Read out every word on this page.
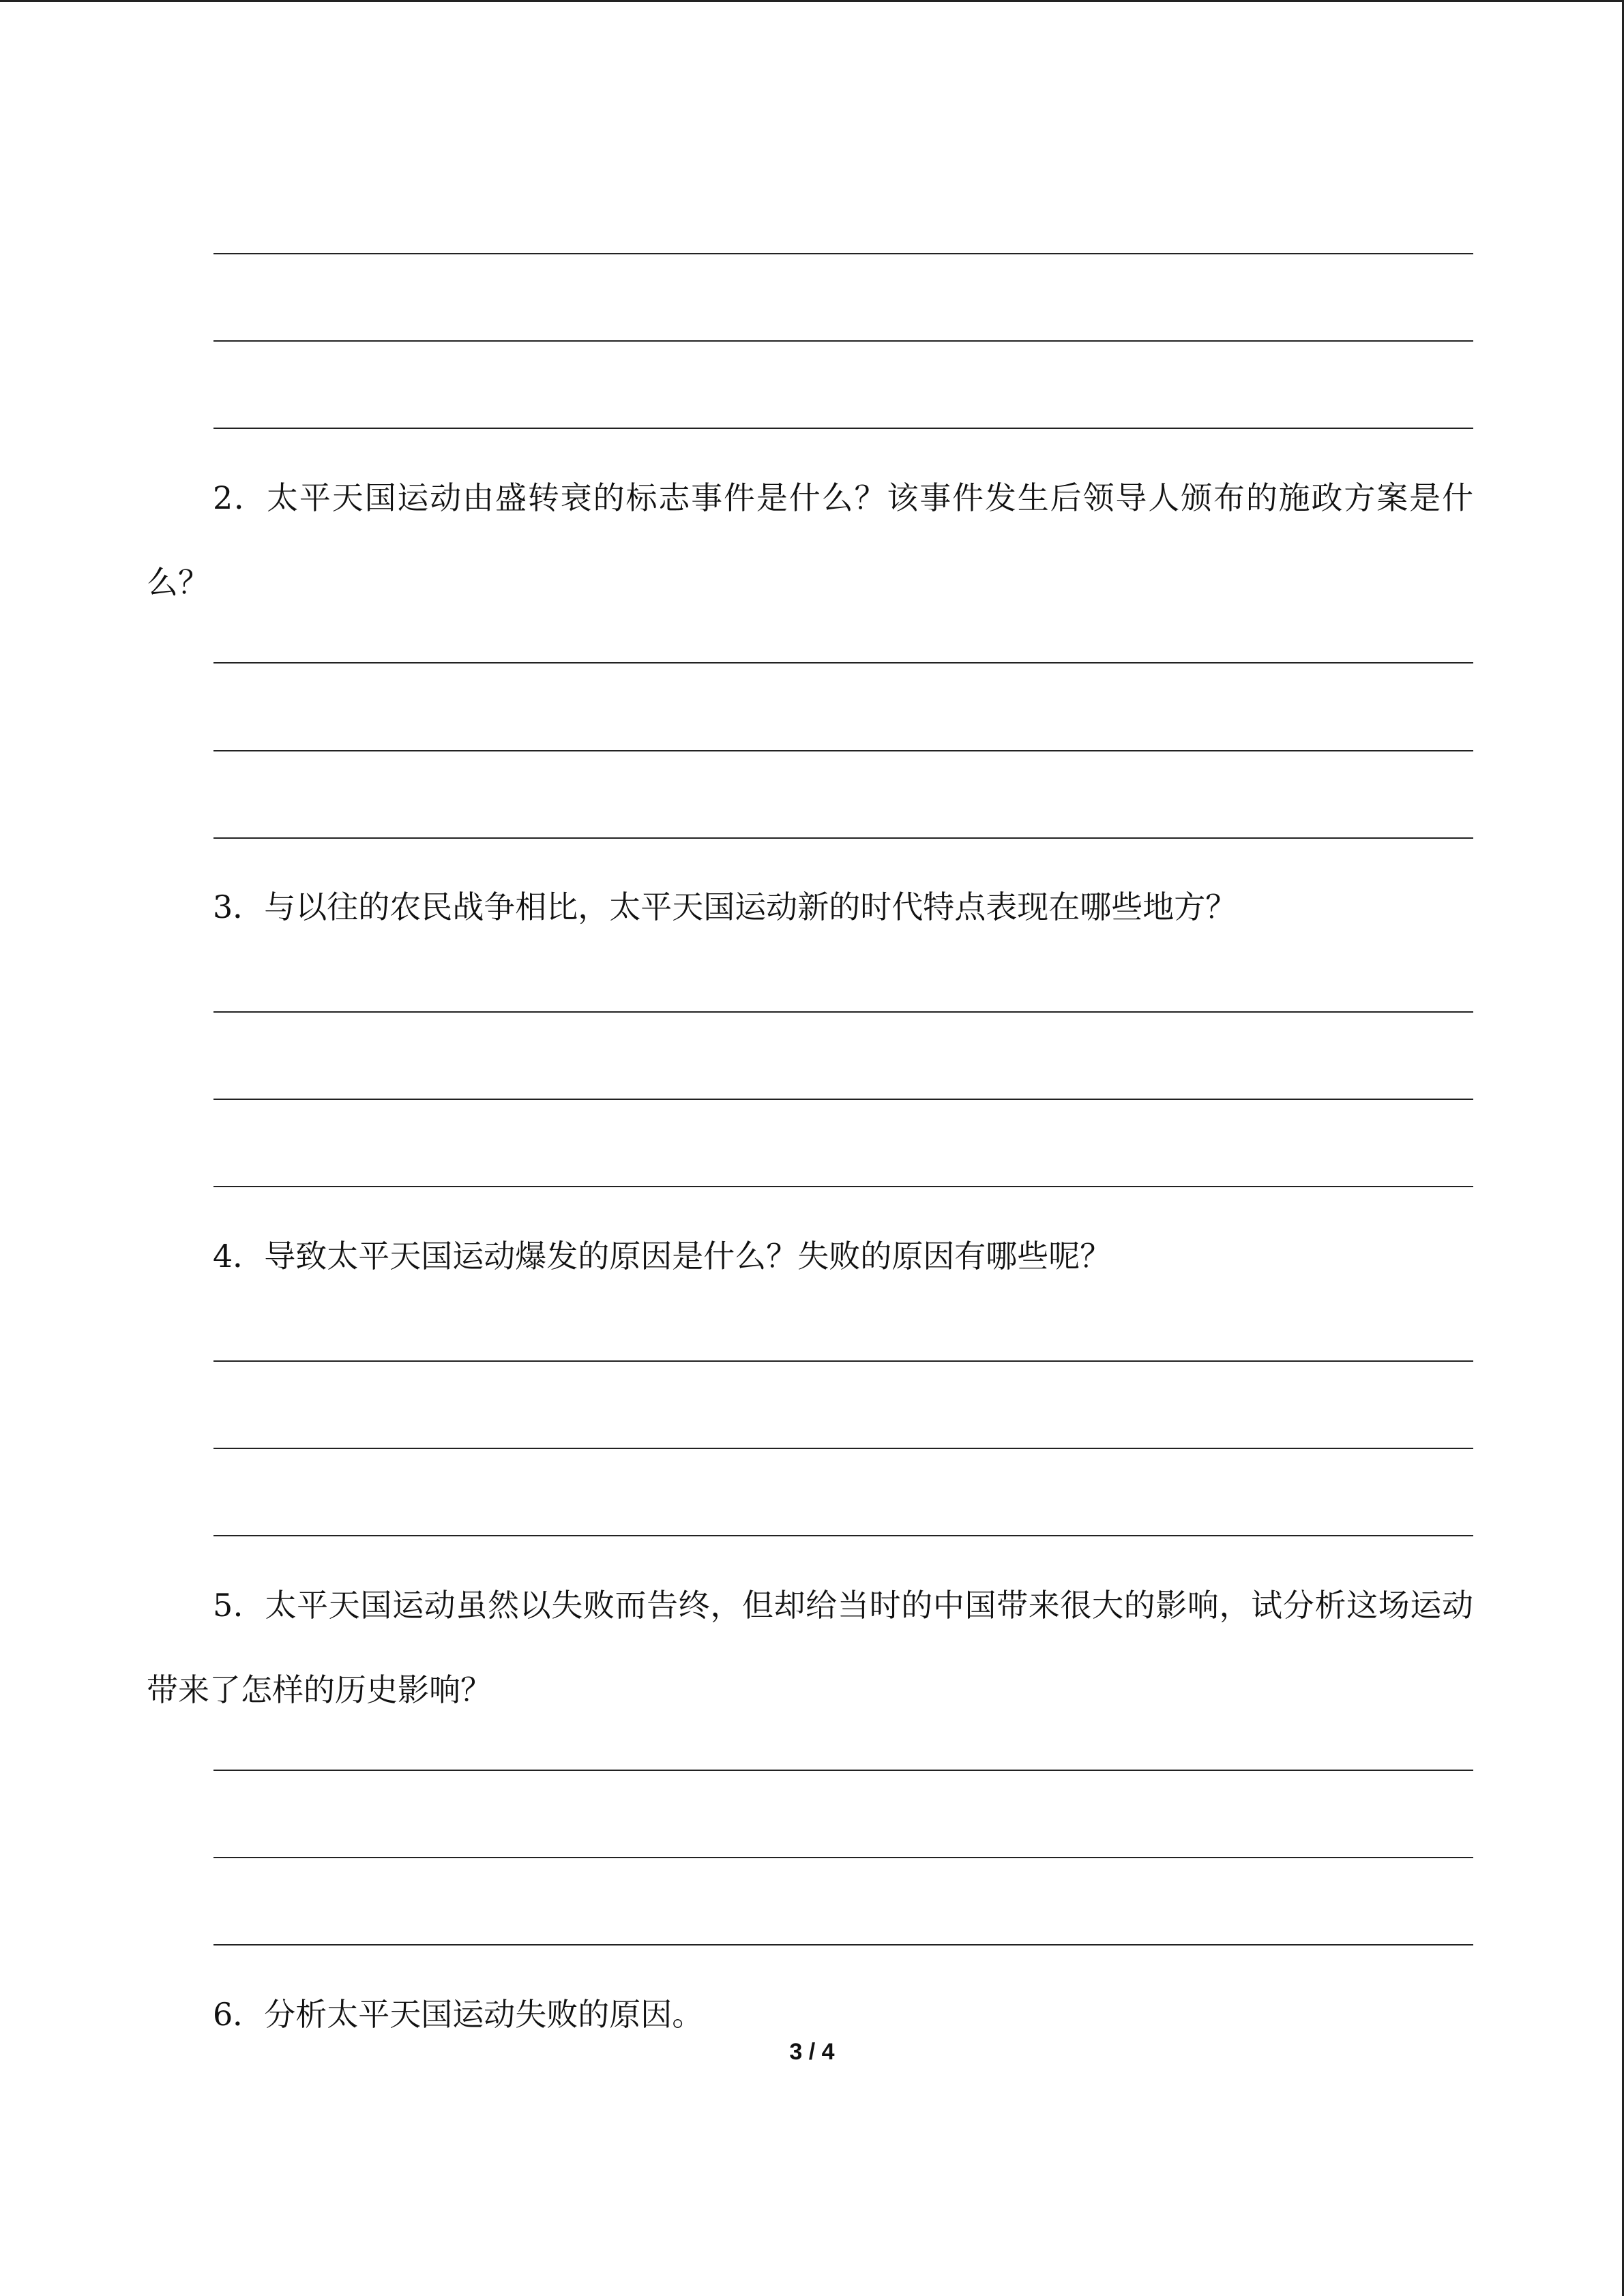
2．太平天国运动由盛转衰的标志事件是什么？该事件发生后领导人颁布的施政方案是什么？

3．与以往的农民战争相比，太平天国运动新的时代特点表现在哪些地方？

4．导致太平天国运动爆发的原因是什么？失败的原因有哪些呢？

5．太平天国运动虽然以失败而告终，但却给当时的中国带来很大的影响，试分析这场运动带来了怎样的历史影响？

6．分析太平天国运动失败的原因。

3 / 4
